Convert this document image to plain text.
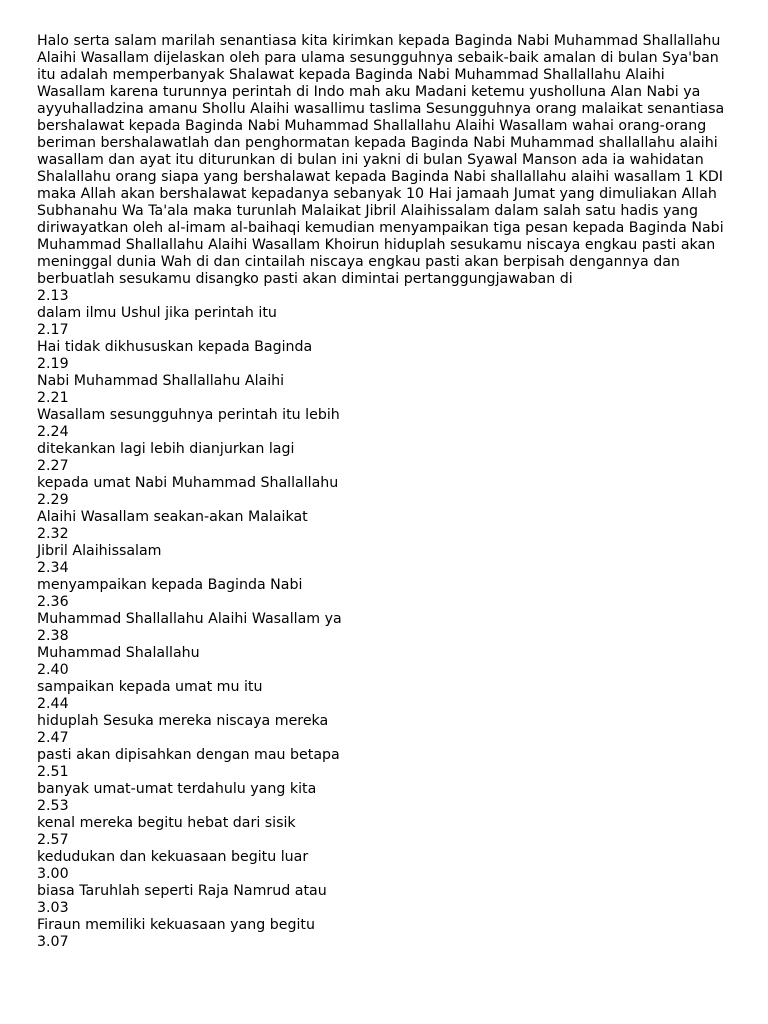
Halo serta salam marilah senantiasa kita kirimkan kepada Baginda Nabi Muhammad Shallallahu Alaihi Wasallam dijelaskan oleh para ulama sesungguhnya sebaik-baik amalan di bulan Sya'ban itu adalah memperbanyak Shalawat kepada Baginda Nabi Muhammad Shallallahu Alaihi Wasallam karena turunnya perintah di Indo mah aku Madani ketemu yusholluna Alan Nabi ya ayyuhalladzina amanu Shollu Alaihi wasallimu taslima Sesungguhnya orang malaikat senantiasa bershalawat kepada Baginda Nabi Muhammad Shallallahu Alaihi Wasallam wahai orang-orang beriman bershalawatlah dan penghormatan kepada Baginda Nabi Muhammad shallallahu alaihi wasallam dan ayat itu diturunkan di bulan ini yakni di bulan Syawal Manson ada ia wahidatan Shalallahu orang siapa yang bershalawat kepada Baginda Nabi shallallahu alaihi wasallam 1 KDI maka Allah akan bershalawat kepadanya sebanyak 10 Hai jamaah Jumat yang dimuliakan Allah Subhanahu Wa Ta'ala maka turunlah Malaikat Jibril Alaihissalam dalam salah satu hadis yang diriwayatkan oleh al-imam al-baihaqi kemudian menyampaikan tiga pesan kepada Baginda Nabi Muhammad Shallallahu Alaihi Wasallam Khoirun hiduplah sesukamu niscaya engkau pasti akan meninggal dunia Wah di dan cintailah niscaya engkau pasti akan berpisah dengannya dan berbuatlah sesukamu disangko pasti akan dimintai pertanggungjawaban di

2.13
dalam ilmu Ushul jika perintah itu
2.17
Hai tidak dikhususkan kepada Baginda
2.19
Nabi Muhammad Shallallahu Alaihi
2.21
Wasallam sesungguhnya perintah itu lebih
2.24
ditekankan lagi lebih dianjurkan lagi
2.27
kepada umat Nabi Muhammad Shallallahu
2.29
Alaihi Wasallam seakan-akan Malaikat
2.32
Jibril Alaihissalam
2.34
menyampaikan kepada Baginda Nabi
2.36
Muhammad Shallallahu Alaihi Wasallam ya
2.38
Muhammad Shalallahu
2.40
sampaikan kepada umat mu itu
2.44
hiduplah Sesuka mereka niscaya mereka
2.47
pasti akan dipisahkan dengan mau betapa
2.51
banyak umat-umat terdahulu yang kita
2.53
kenal mereka begitu hebat dari sisik
2.57
kedudukan dan kekuasaan begitu luar
3.00
biasa Taruhlah seperti Raja Namrud atau
3.03
Firaun memiliki kekuasaan yang begitu
3.07
